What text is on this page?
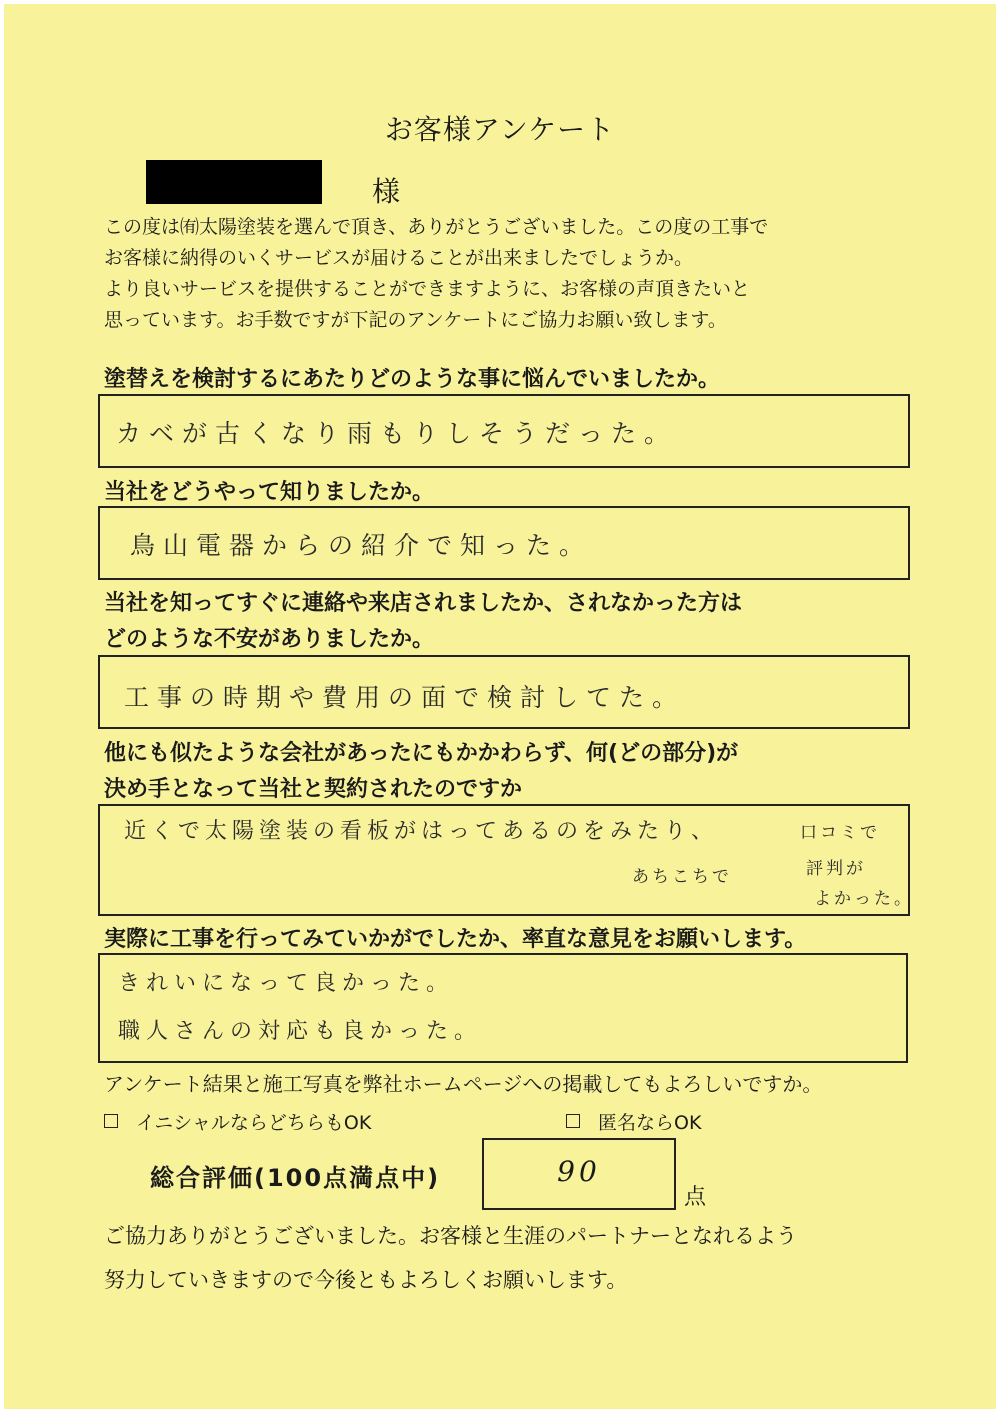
お客様アンケート
様
この度は㈲太陽塗装を選んで頂き、ありがとうございました。この度の工事で
お客様に納得のいくサービスが届けることが出来ましたでしょうか。
より良いサービスを提供することができますように、お客様の声頂きたいと
思っています。お手数ですが下記のアンケートにご協力お願い致します。
塗替えを検討するにあたりどのような事に悩んでいましたか。
カベが古くなり雨もりしそうだった。
当社をどうやって知りましたか。
鳥山電器からの紹介で知った。
当社を知ってすぐに連絡や来店されましたか、されなかった方は
どのような不安がありましたか。
工事の時期や費用の面で検討してた。
他にも似たような会社があったにもかかわらず、何(どの部分)が
決め手となって当社と契約されたのですか
近くで太陽塗装の看板がはってあるのをみたり、	口コミで
あちこちで	評判が
よかった。
実際に工事を行ってみていかがでしたか、率直な意見をお願いします。
きれいになって良かった。
職人さんの対応も良かった。
アンケート結果と施工写真を弊社ホームページへの掲載してもよろしいですか。
イニシャルならどちらもOK	匿名ならOK
総合評価(100点満点中)	90
点
ご協力ありがとうございました。お客様と生涯のパートナーとなれるよう
努力していきますので今後ともよろしくお願いします。
